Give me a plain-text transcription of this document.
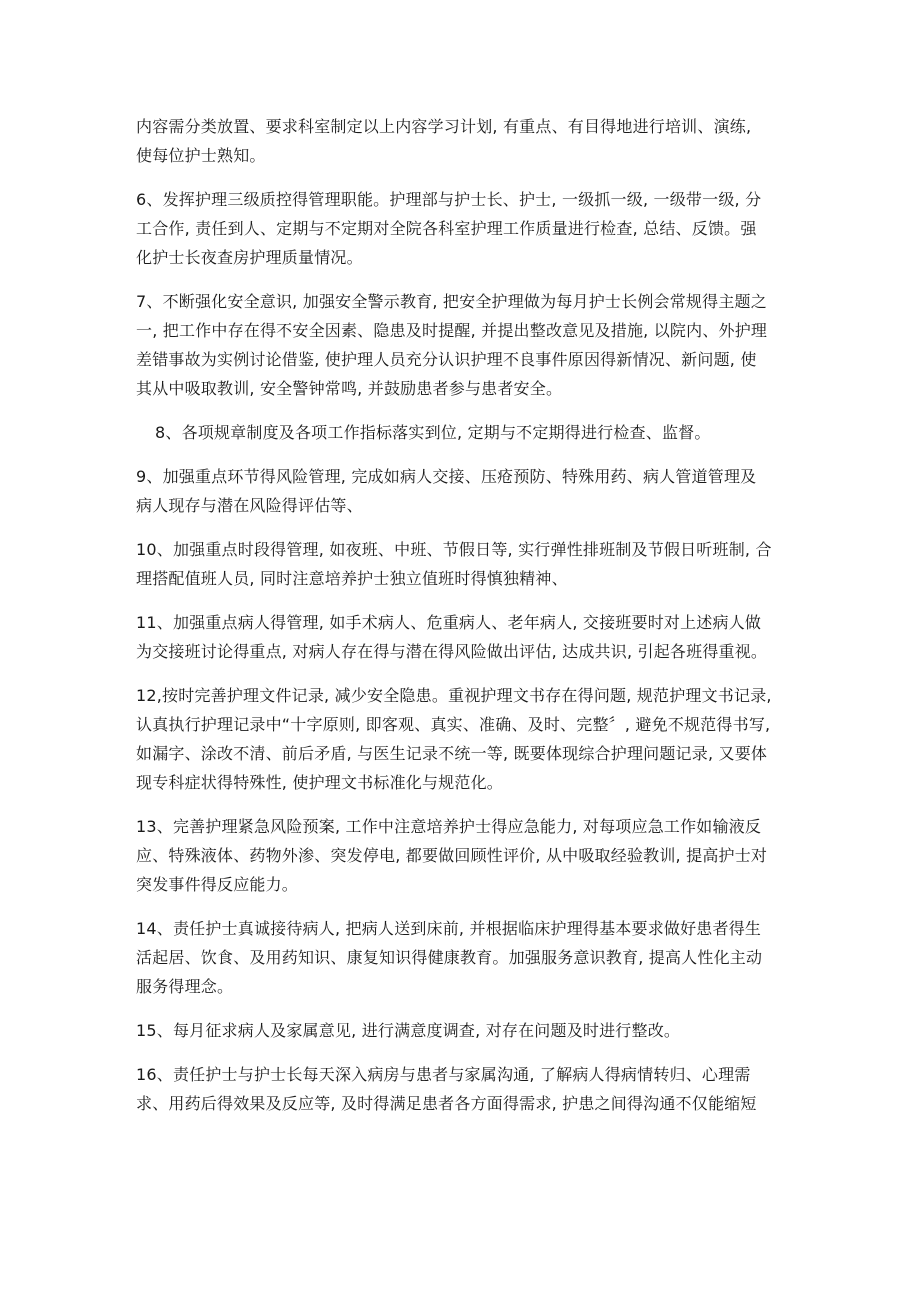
内容需分类放置、要求科室制定以上内容学习计划, 有重点、有目得地进行培训、演练,
使每位护士熟知。
6、发挥护理三级质控得管理职能。护理部与护士长、护士, 一级抓一级, 一级带一级, 分
工合作, 责任到人、定期与不定期对全院各科室护理工作质量进行检查, 总结、反馈。强
化护士长夜查房护理质量情况。
7、不断强化安全意识, 加强安全警示教育, 把安全护理做为每月护士长例会常规得主题之
一, 把工作中存在得不安全因素、隐患及时提醒, 并提出整改意见及措施, 以院内、外护理
差错事故为实例讨论借鉴, 使护理人员充分认识护理不良事件原因得新情况、新问题, 使
其从中吸取教训, 安全警钟常鸣, 并鼓励患者参与患者安全。
8、各项规章制度及各项工作指标落实到位, 定期与不定期得进行检查、监督。
9、加强重点环节得风险管理, 完成如病人交接、压疮预防、特殊用药、病人管道管理及
病人现存与潜在风险得评估等、
10、加强重点时段得管理, 如夜班、中班、节假日等, 实行弹性排班制及节假日听班制, 合
理搭配值班人员, 同时注意培养护士独立值班时得慎独精神、
11、加强重点病人得管理, 如手术病人、危重病人、老年病人, 交接班要时对上述病人做
为交接班讨论得重点, 对病人存在得与潜在得风险做出评估, 达成共识, 引起各班得重视。
12,按时完善护理文件记录, 减少安全隐患。重视护理文书存在得问题, 规范护理文书记录,
认真执行护理记录中“十字原则, 即客观、真实、准确、及时、完整〞, 避免不规范得书写,
如漏字、涂改不清、前后矛盾, 与医生记录不统一等, 既要体现综合护理问题记录, 又要体
现专科症状得特殊性, 使护理文书标准化与规范化。
13、完善护理紧急风险预案, 工作中注意培养护士得应急能力, 对每项应急工作如输液反
应、特殊液体、药物外渗、突发停电, 都要做回顾性评价, 从中吸取经验教训, 提高护士对
突发事件得反应能力。
14、责任护士真诚接待病人, 把病人送到床前, 并根据临床护理得基本要求做好患者得生
活起居、饮食、及用药知识、康复知识得健康教育。加强服务意识教育, 提高人性化主动
服务得理念。
15、每月征求病人及家属意见, 进行满意度调查, 对存在问题及时进行整改。
16、责任护士与护士长每天深入病房与患者与家属沟通, 了解病人得病情转归、心理需
求、用药后得效果及反应等, 及时得满足患者各方面得需求, 护患之间得沟通不仅能缩短
